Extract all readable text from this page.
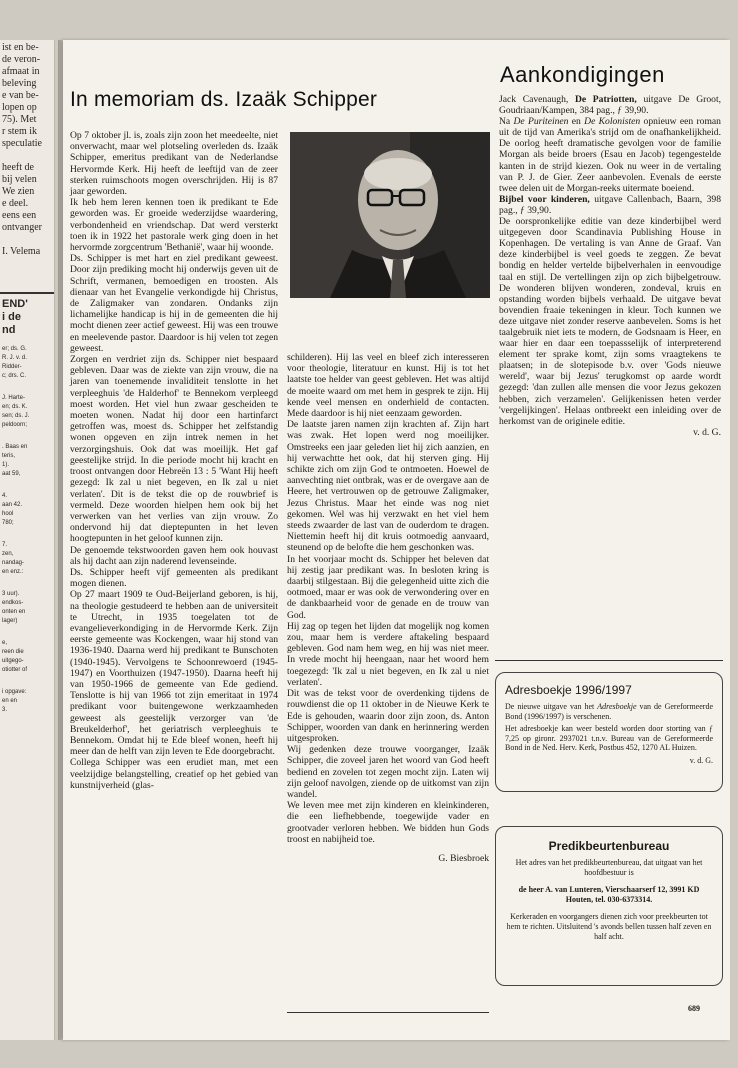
ist en be-
de veron-
afmaat in
beleving
e van be-
lopen op
75). Met
r stem ik
speculatie
heeft de
bij velen
We zien
e deel.
eens een
ontvanger
I. Velema
END'
i de
nd
er; ds. G.
R. J. v. d.
Ridder-
c; drs. C.
J. Harte-
en; ds. K.
sen; ds. J.
peldoorn;
. Baas en
teris,
1).
aat 59,
4.
aan 42.
hool
780;
7.
zen,
nandag-
en enz.:
3 uur).
endkos-
onten en
lager)
e,
reen die
uitgego-
otiotter of
i opgave:
en en
3.
In memoriam ds. Izaäk Schipper

Op 7 oktober jl. is, zoals zijn zoon het meedeelte, niet onverwacht, maar wel plotseling overleden ds. Izaäk Schipper, emeritus predikant van de Nederlandse Hervormde Kerk. Hij heeft de leeftijd van de zeer sterken ruimschoots mogen overschrijden. Hij is 87 jaar geworden.

Ik heb hem leren kennen toen ik predikant te Ede geworden was. Er groeide wederzijdse waardering, verbondenheid en vriendschap. Dat werd versterkt toen ik in 1922 het pastorale werk ging doen in het hervormde zorgcentrum 'Bethanië', waar hij woonde.

Ds. Schipper is met hart en ziel predikant geweest. Door zijn prediking mocht hij onderwijs geven uit de Schrift, vermanen, bemoedigen en troosten. Als dienaar van het Evangelie verkondigde hij Christus, de Zaligmaker van zondaren. Ondanks zijn lichamelijke handicap is hij in de gemeenten die hij mocht dienen zeer actief geweest. Hij was een trouwe en meelevende pastor. Daardoor is hij velen tot zegen geweest.

Zorgen en verdriet zijn ds. Schipper niet bespaard gebleven. Daar was de ziekte van zijn vrouw, die na jaren van toenemende invaliditeit tenslotte in het verpleeghuis 'de Halderhof' te Bennekom verpleegd moest worden. Het viel hun zwaar gescheiden te moeten wonen. Nadat hij door een hartinfarct getroffen was, moest ds. Schipper het zelfstandig wonen opgeven en zijn intrek nemen in het verzorgingshuis. Ook dat was moeilijk. Het gaf geestelijke strijd. In die periode mocht hij kracht en troost ontvangen door Hebreën 13 : 5 'Want Hij heeft gezegd: Ik zal u niet begeven, en Ik zal u niet verlaten'. Dit is de tekst die op de rouwbrief is vermeld. Deze woorden hielpen hem ook bij het verwerken van het verlies van zijn vrouw. Zo ondervond hij dat dieptepunten in het leven hoogtepunten in het geloof kunnen zijn.

De genoemde tekstwoorden gaven hem ook houvast als hij dacht aan zijn naderend levenseinde.

Ds. Schipper heeft vijf gemeenten als predikant mogen dienen.

Op 27 maart 1909 te Oud-Beijerland geboren, is hij, na theologie gestudeerd te hebben aan de universiteit te Utrecht, in 1935 toegelaten tot de evangelieverkondiging in de Hervormde Kerk. Zijn eerste gemeente was Kockengen, waar hij stond van 1936-1940. Daarna werd hij predikant te Bunschoten (1940-1945). Vervolgens te Schoonrewoerd (1945-1947) en Voorthuizen (1947-1950). Daarna heeft hij van 1950-1966 de gemeente van Ede gediend. Tenslotte is hij van 1966 tot zijn emeritaat in 1974 predikant voor buitengewone werkzaamheden geweest als geestelijk verzorger van 'de Breukelderhof', het geriatrisch verpleeghuis te Bennekom. Omdat hij te Ede bleef wonen, heeft hij meer dan de helft van zijn leven te Ede doorgebracht.

Collega Schipper was een erudiet man, met een veelzijdige belangstelling, creatief op het gebied van kunstnijverheid (glas-

schilderen). Hij las veel en bleef zich interesseren voor theologie, literatuur en kunst. Hij is tot het laatste toe helder van geest gebleven. Het was altijd de moeite waard om met hem in gesprek te zijn. Hij kende veel mensen en onderhield de contacten. Mede daardoor is hij niet eenzaam geworden.

De laatste jaren namen zijn krachten af. Zijn hart was zwak. Het lopen werd nog moeilijker. Omstreeks een jaar geleden liet hij zich aanzien, en hij verwachtte het ook, dat hij sterven ging. Hij schikte zich om zijn God te ontmoeten. Hoewel de aanvechting niet ontbrak, was er de overgave aan de Heere, het vertrouwen op de getrouwe Zaligmaker, Jezus Christus. Maar het einde was nog niet gekomen. Wel was hij verzwakt en het viel hem steeds zwaarder de last van de ouderdom te dragen. Niettemin heeft hij dit kruis ootmoedig aanvaard, steunend op de belofte die hem geschonken was.

In het voorjaar mocht ds. Schipper het beleven dat hij zestig jaar predikant was. In besloten kring is daarbij stilgestaan. Bij die gelegenheid uitte zich die ootmoed, maar er was ook de verwondering over en de dankbaarheid voor de genade en de trouw van God.

Hij zag op tegen het lijden dat mogelijk nog komen zou, maar hem is verdere aftakeling bespaard gebleven. God nam hem weg, en hij was niet meer. In vrede mocht hij heengaan, naar het woord hem toegezegd: 'Ik zal u niet begeven, en Ik zal u niet verlaten'.

Dit was de tekst voor de overdenking tijdens de rouwdienst die op 11 oktober in de Nieuwe Kerk te Ede is gehouden, waarin door zijn zoon, ds. Anton Schipper, woorden van dank en herinnering werden uitgesproken.

Wij gedenken deze trouwe voorganger, Izaäk Schipper, die zoveel jaren het woord van God heeft bediend en zovelen tot zegen mocht zijn. Laten wij zijn geloof navolgen, ziende op de uitkomst van zijn wandel.

We leven mee met zijn kinderen en kleinkinderen, die een liefhebbende, toegewijde vader en grootvader verloren hebben. We bidden hun Gods troost en nabijheid toe.

G. Biesbroek

Aankondigingen

Jack Cavenaugh, De Patriotten, uitgave De Groot, Goudriaan/Kampen, 384 pag., ƒ 39,90.

Na De Puriteinen en De Kolonisten opnieuw een roman uit de tijd van Amerika's strijd om de onafhankelijkheid. De oorlog heeft dramatische gevolgen voor de familie Morgan als beide broers (Esau en Jacob) tegengestelde kanten in de strijd kiezen. Ook nu weer in de vertaling van P. J. de Gier. Zeer aanbevolen. Evenals de eerste twee delen uit de Morgan-reeks uitermate boeiend.

Bijbel voor kinderen, uitgave Callenbach, Baarn, 398 pag., ƒ 39,90.

De oorspronkelijke editie van deze kinderbijbel werd uitgegeven door Scandinavia Publishing House in Kopenhagen. De vertaling is van Anne de Graaf. Van deze kinderbijbel is veel goeds te zeggen. Ze bevat bondig en helder vertelde bijbelverhalen in eenvoudige taal en stijl. De vertellingen zijn op zich bijbelgetrouw. De wonderen blijven wonderen, zondeval, kruis en opstanding worden bijbels verhaald. De uitgave bevat bovendien fraaie tekeningen in kleur. Toch kunnen we deze uitgave niet zonder reserve aanbevelen. Soms is het taalgebruik niet iets te modern, de Godsnaam is Heer, en waar hier en daar een toepassselijk of interpreterend element ter sprake komt, zijn soms vraagtekens te plaatsen; in de slotepisode b.v. over 'Gods nieuwe wereld', waar bij Jezus' terugkomst op aarde wordt gezegd: 'dan zullen alle mensen die voor Jezus gekozen hebben, zich verzamelen'. Gelijkenissen heten verder 'vergelijkingen'. Helaas ontbreekt een inleiding over de herkomst van de originele editie.

v. d. G.

Adresboekje 1996/1997

De nieuwe uitgave van het Adresboekje van de Gereformeerde Bond (1996/1997) is verschenen.

Het adresboekje kan weer besteld worden door storting van ƒ 7,25 op gironr. 2937021 t.n.v. Bureau van de Gereformeerde Bond in de Ned. Herv. Kerk, Postbus 452, 1270 AL Huizen.

v. d. G.

Predikbeurtenbureau

Het adres van het predikbeurtenbureau, dat uitgaat van het hoofdbestuur is

de heer A. van Lunteren, Vierschaarserf 12, 3991 KD Houten, tel. 030-6373314.

Kerkeraden en voorgangers dienen zich voor preekbeurten tot hem te richten. Uitsluitend 's avonds bellen tussen half zeven en half acht.

689
